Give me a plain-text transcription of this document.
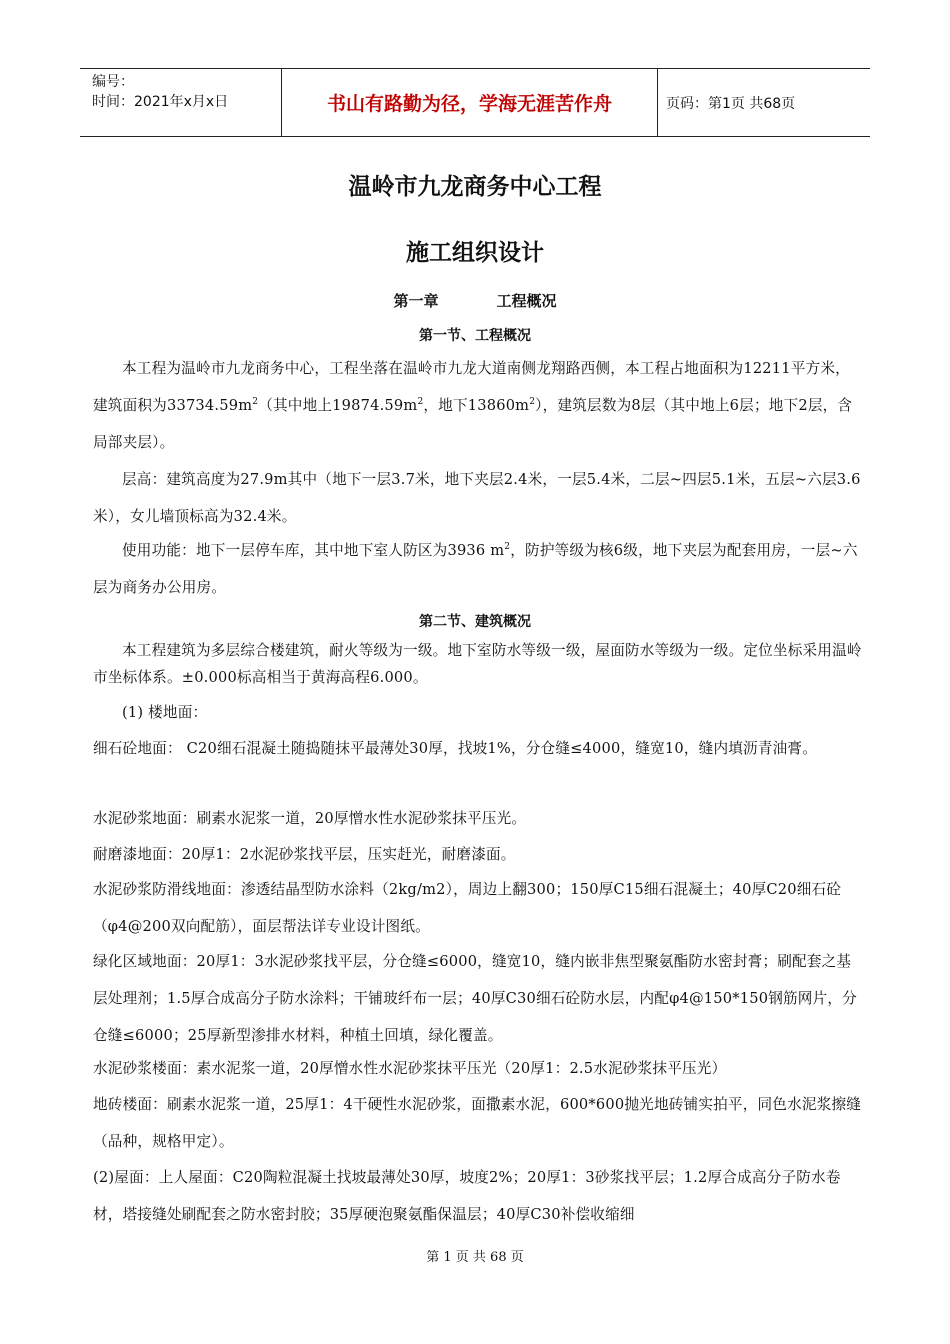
编号：
时间：2021年x月x日	书山有路勤为径，学海无涯苦作舟	页码：第1页 共68页
温岭市九龙商务中心工程
施工组织设计
第一章	工程概况
第一节、工程概况
本工程为温岭市九龙商务中心，工程坐落在温岭市九龙大道南侧龙翔路西侧，本工程占地面积为12211平方米，建筑面积为$33734.59m^2$（其中地上$19874.59m^2$，地下$13860m^2$），建筑层数为8层（其中地上6层；地下2层，含局部夹层）。
层高：建筑高度为27.9m其中（地下一层3.7米，地下夹层2.4米，一层5.4米，二层~四层5.1米，五层~六层3.6米），女儿墙顶标高为32.4米。
使用功能：地下一层停车库，其中地下室人防区为3936 $m^2$，防护等级为核6级，地下夹层为配套用房，一层~六层为商务办公用房。
第二节、建筑概况
本工程建筑为多层综合楼建筑，耐火等级为一级。地下室防水等级一级，屋面防水等级为一级。定位坐标采用温岭市坐标体系。±0.000标高相当于黄海高程6.000。
(1) 楼地面：
细石砼地面： C20细石混凝土随捣随抹平最薄处30厚，找坡1%，分仓缝≤4000，缝宽10，缝内填沥青油膏。
水泥砂浆地面：刷素水泥浆一道，20厚憎水性水泥砂浆抹平压光。
耐磨漆地面：20厚1：2水泥砂浆找平层，压实赶光，耐磨漆面。
水泥砂浆防滑线地面：渗透结晶型防水涂料（2kg/m2），周边上翻300；150厚C15细石混凝土；40厚C20细石砼（φ4@200双向配筋），面层帮法详专业设计图纸。
绿化区域地面：20厚1：3水泥砂浆找平层，分仓缝≤6000，缝宽10，缝内嵌非焦型聚氨酯防水密封膏；刷配套之基层处理剂；1.5厚合成高分子防水涂料；干铺玻纤布一层；40厚C30细石砼防水层，内配φ4@150*150钢筋网片，分仓缝≤6000；25厚新型渗排水材料，种植土回填，绿化覆盖。
水泥砂浆楼面：素水泥浆一道，20厚憎水性水泥砂浆抹平压光（20厚1：2.5水泥砂浆抹平压光）
地砖楼面：刷素水泥浆一道，25厚1：4干硬性水泥砂浆，面撒素水泥，600*600抛光地砖铺实拍平，同色水泥浆擦缝（品种，规格甲定）。
(2)屋面：上人屋面：C20陶粒混凝土找坡最薄处30厚，坡度2%；20厚1：3砂浆找平层；1.2厚合成高分子防水卷材，塔接缝处刷配套之防水密封胶；35厚硬泡聚氨酯保温层；40厚C30补偿收缩细
第 1 页 共 68 页
